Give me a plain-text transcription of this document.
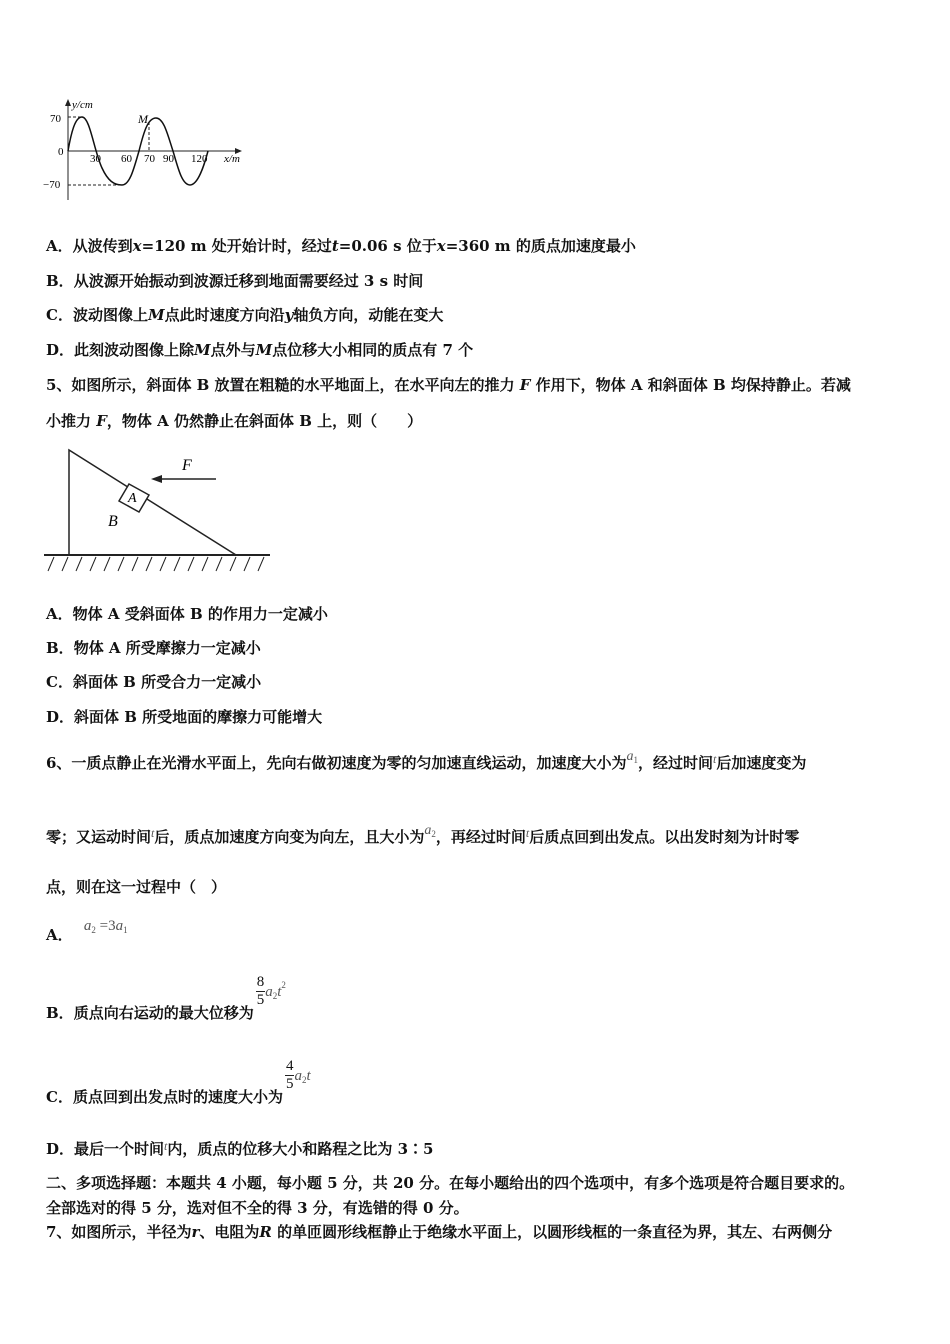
y/cm
x/m
70
0
−70
30 60 70 90 120
M
A．从波传到x=120 m 处开始计时，经过t=0.06 s 位于x=360 m 的质点加速度最小
B．从波源开始振动到波源迁移到地面需要经过 3 s 时间
C．波动图像上M点此时速度方向沿y轴负方向，动能在变大
D．此刻波动图像上除M点外与M点位移大小相同的质点有 7 个
5、如图所示，斜面体 B 放置在粗糙的水平地面上，在水平向左的推力 F 作用下，物体 A 和斜面体 B 均保持静止。若减
小推力 F，物体 A 仍然静止在斜面体 B 上，则（　　）
A
F
B
A．物体 A 受斜面体 B 的作用力一定减小
B．物体 A 所受摩擦力一定减小
C．斜面体 B 所受合力一定减小
D．斜面体 B 所受地面的摩擦力可能增大
6、一质点静止在光滑水平面上，先向右做初速度为零的匀加速直线运动，加速度大小为$a_1$，经过时间$^t$后加速度变为
零；又运动时间$^t$后，质点加速度方向变为向左，且大小为$a_2$，再经过时间$^t$后质点回到出发点。以出发时刻为计时零
点，则在这一过程中（　）
A． $a_2 =3a_1$
B．质点向右运动的最大位移为
$\frac{8}{5} a_2t^2$
C．质点回到出发点时的速度大小为
$\frac{4}{5} a_2t$
D．最后一个时间$^t$内，质点的位移大小和路程之比为 3∶5
二、多项选择题：本题共 4 小题，每小题 5 分，共 20 分。在每小题给出的四个选项中，有多个选项是符合题目要求的。
全部选对的得 5 分，选对但不全的得 3 分，有选错的得 0 分。
7、如图所示，半径为r、电阻为R 的单匝圆形线框静止于绝缘水平面上，以圆形线框的一条直径为界，其左、右两侧分
